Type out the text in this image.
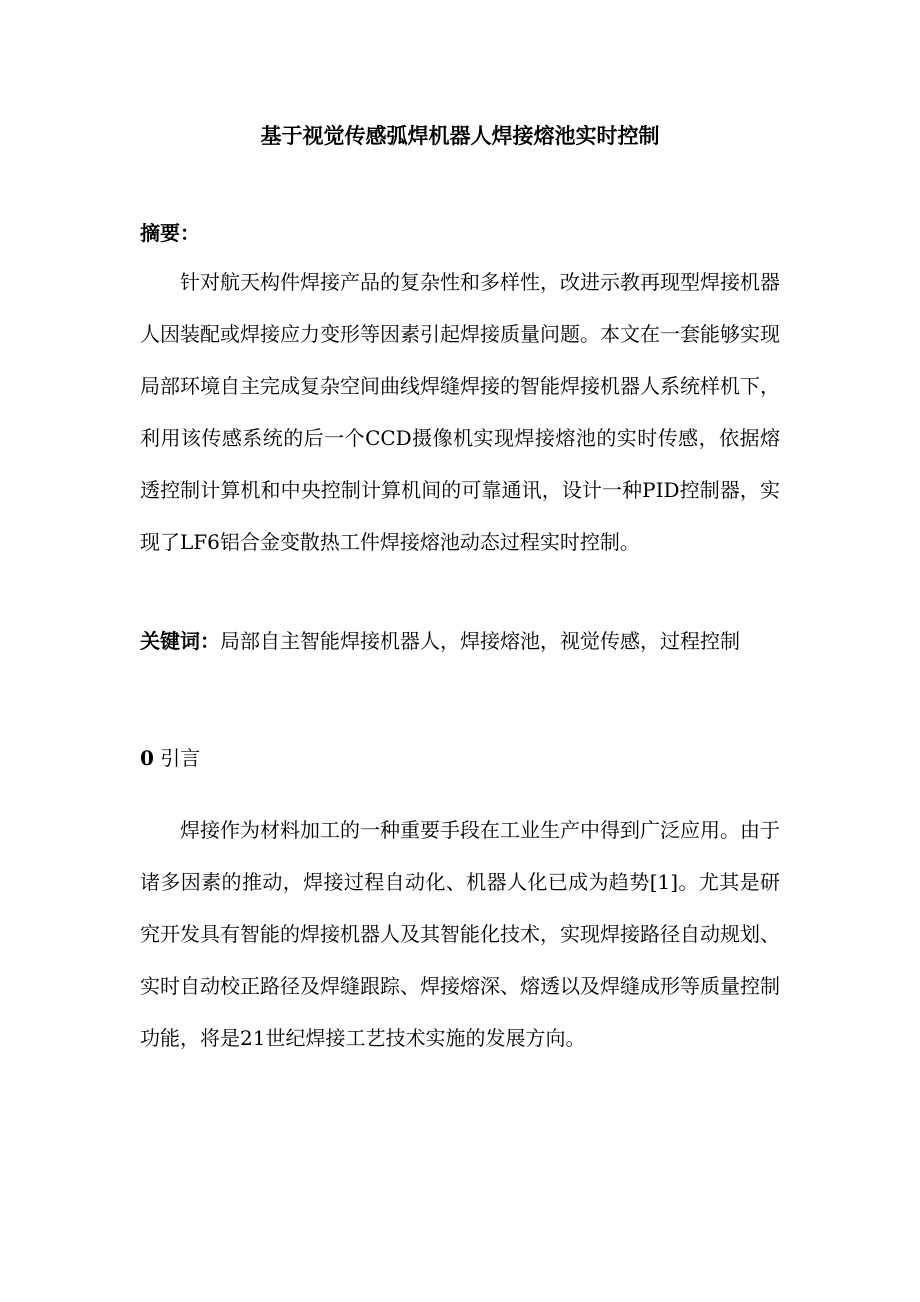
基于视觉传感弧焊机器人焊接熔池实时控制
摘要：

针对航天构件焊接产品的复杂性和多样性，改进示教再现型焊接机器人因装配或焊接应力变形等因素引起焊接质量问题。本文在一套能够实现局部环境自主完成复杂空间曲线焊缝焊接的智能焊接机器人系统样机下，利用该传感系统的后一个CCD摄像机实现焊接熔池的实时传感，依据熔透控制计算机和中央控制计算机间的可靠通讯，设计一种PID控制器，实现了LF6铝合金变散热工件焊接熔池动态过程实时控制。

关键词：局部自主智能焊接机器人，焊接熔池，视觉传感，过程控制

0 引言

焊接作为材料加工的一种重要手段在工业生产中得到广泛应用。由于诸多因素的推动，焊接过程自动化、机器人化已成为趋势[1]。尤其是研究开发具有智能的焊接机器人及其智能化技术，实现焊接路径自动规划、实时自动校正路径及焊缝跟踪、焊接熔深、熔透以及焊缝成形等质量控制功能，将是21世纪焊接工艺技术实施的发展方向。
